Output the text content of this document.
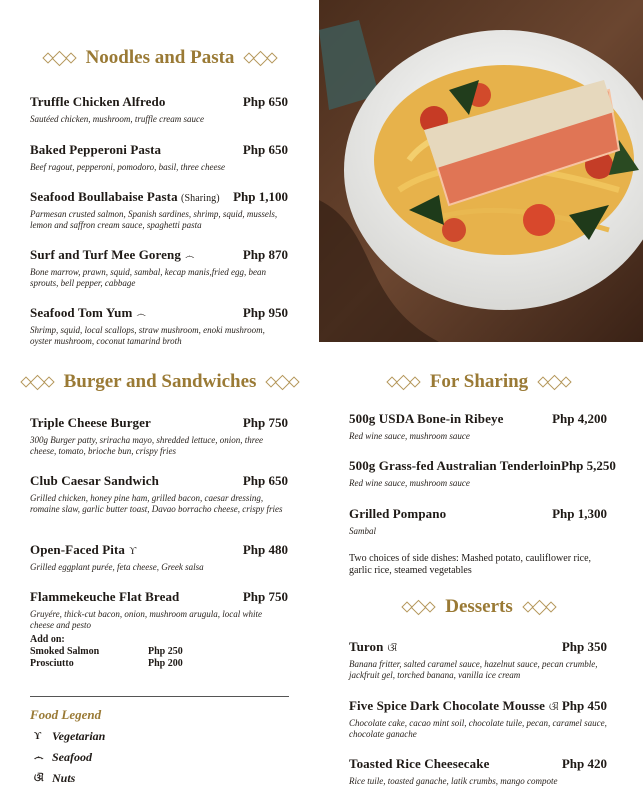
Noodles and Pasta
Truffle Chicken Alfredo	Php 650
Sautéed chicken, mushroom, truffle cream sauce
Baked Pepperoni Pasta	Php 650
Beef ragout, pepperoni, pomodoro, basil, three cheese
Seafood Boullabaise Pasta (Sharing) Php 1,100
Parmesan crusted salmon, Spanish sardines, shrimp, squid, mussels, lemon and saffron cream sauce, spaghetti pasta
Surf and Turf Mee Goreng ෴	Php 870
Bone marrow, prawn, squid, sambal, kecap manis,fried egg, bean sprouts, bell pepper, cabbage
Seafood Tom Yum ෴	Php 950
Shrimp, squid, local scallops, straw mushroom, enoki mushroom, oyster mushroom, coconut tamarind broth
Burger and Sandwiches
Triple Cheese Burger	Php 750
300g Burger patty, sriracha mayo, shredded lettuce, onion, three cheese, tomato, brioche bun, crispy fries
Club Caesar Sandwich	Php 650
Grilled chicken, honey pine ham, grilled bacon, caesar dressing, romaine slaw, garlic butter toast, Davao borracho cheese, crispy fries
Open-Faced Pita ϒ	Php 480
Grilled eggplant purée, feta cheese, Greek salsa
Flammekeuche Flat Bread	Php 750
Gruyére, thick-cut bacon, onion, mushroom arugula, local white cheese and pesto
Add on:
Smoked Salmon	Php 250
Prosciutto	Php 200
Food Legend
ϒ Vegetarian
෴ Seafood
ଔ Nuts
For Sharing
500g USDA Bone-in Ribeye	Php 4,200
Red wine sauce, mushroom sauce
500g Grass-fed Australian Tenderloin Php 5,250
Red wine sauce, mushroom sauce
Grilled Pompano	Php 1,300
Sambal
Two choices of side dishes: Mashed potato, cauliflower rice, garlic rice, steamed vegetables
Desserts
Turon ଔ	Php 350
Banana fritter, salted caramel sauce, hazelnut sauce, pecan crumble, jackfruit gel, torched banana, vanilla ice cream
Five Spice Dark Chocolate Mousse ଔ Php 450
Chocolate cake, cacao mint soil, chocolate tuile, pecan, caramel sauce, chocolate ganache
Toasted Rice Cheesecake	Php 420
Rice tuile, toasted ganache, latik crumbs, mango compote
